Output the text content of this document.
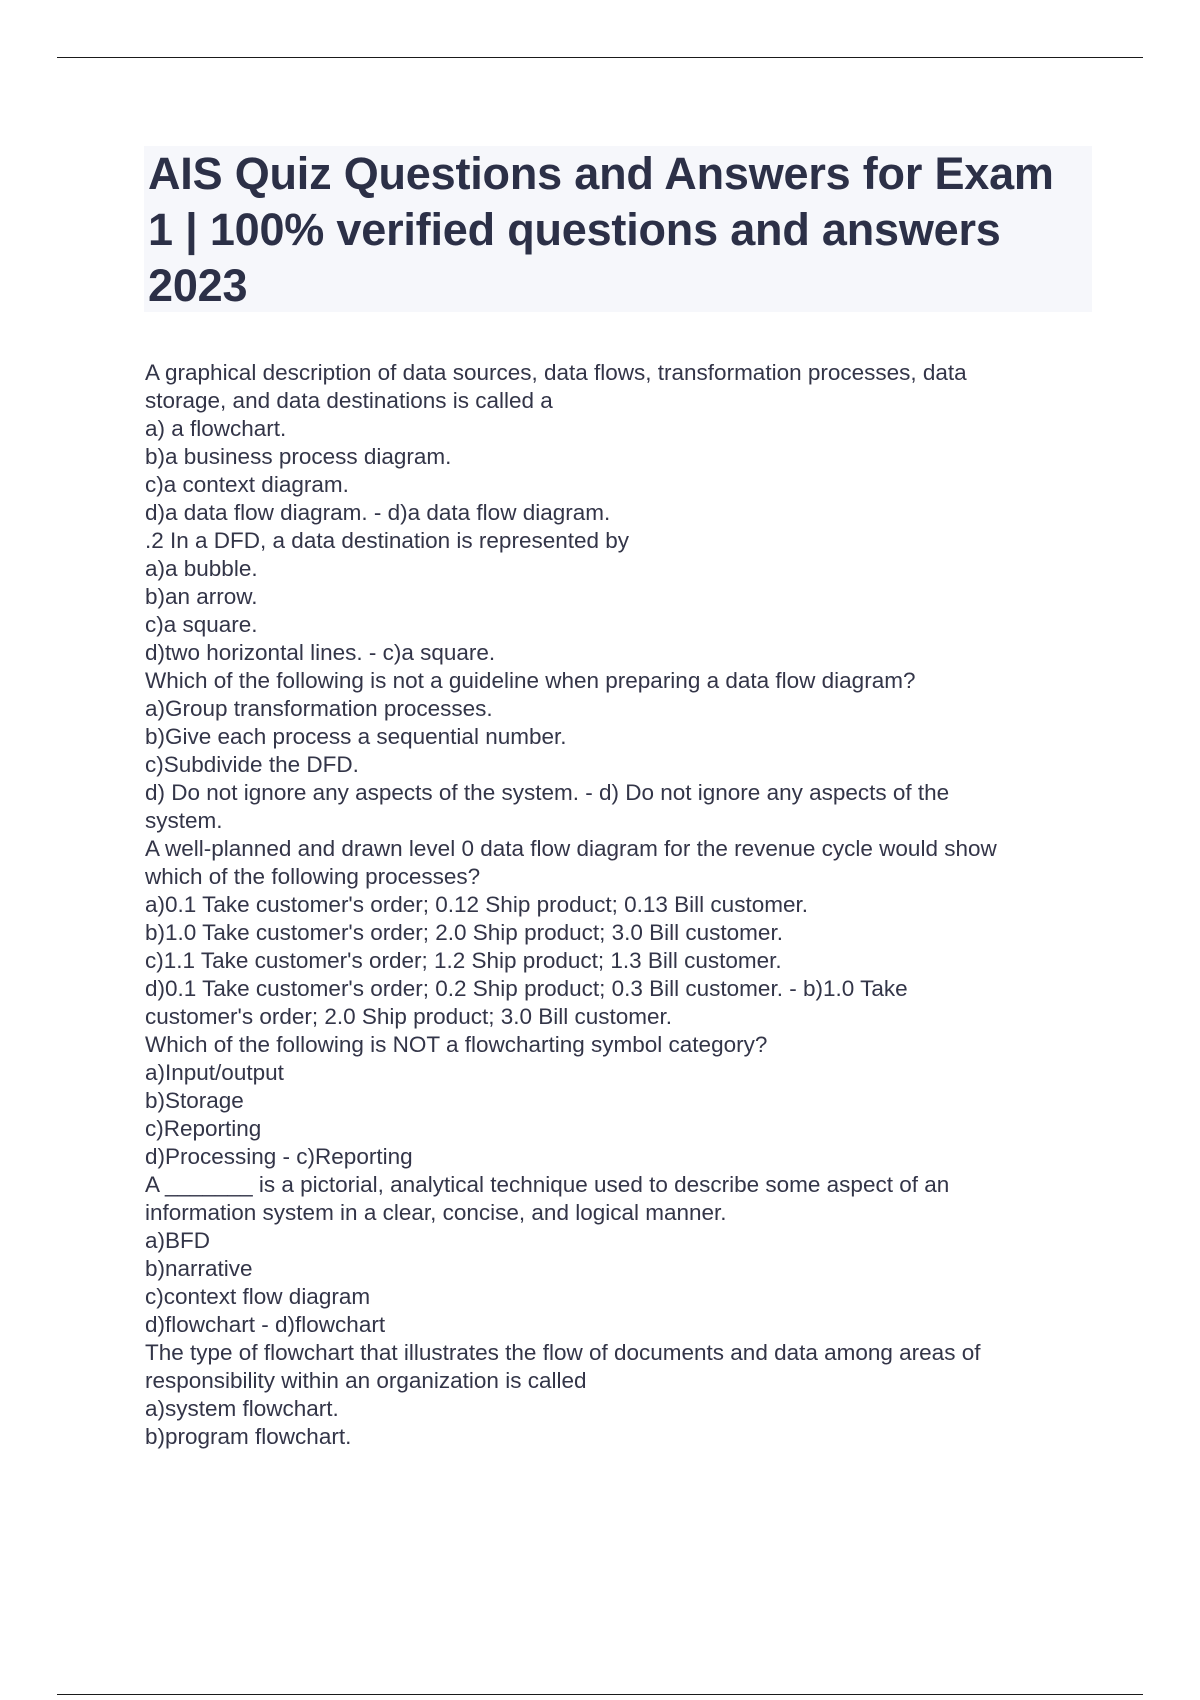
AIS Quiz Questions and Answers for Exam 1 | 100% verified questions and answers 2023
A graphical description of data sources, data flows, transformation processes, data
storage, and data destinations is called a
a) a flowchart.
b)a business process diagram.
c)a context diagram.
d)a data flow diagram. - d)a data flow diagram.
.2 In a DFD, a data destination is represented by
a)a bubble.
b)an arrow.
c)a square.
d)two horizontal lines. - c)a square.
Which of the following is not a guideline when preparing a data flow diagram?
a)Group transformation processes.
b)Give each process a sequential number.
c)Subdivide the DFD.
d) Do not ignore any aspects of the system. - d) Do not ignore any aspects of the
system.
A well-planned and drawn level 0 data flow diagram for the revenue cycle would show
which of the following processes?
a)0.1 Take customer's order; 0.12 Ship product; 0.13 Bill customer.
b)1.0 Take customer's order; 2.0 Ship product; 3.0 Bill customer.
c)1.1 Take customer's order; 1.2 Ship product; 1.3 Bill customer.
d)0.1 Take customer's order; 0.2 Ship product; 0.3 Bill customer. - b)1.0 Take
customer's order; 2.0 Ship product; 3.0 Bill customer.
Which of the following is NOT a flowcharting symbol category?
a)Input/output
b)Storage
c)Reporting
d)Processing - c)Reporting
A _______ is a pictorial, analytical technique used to describe some aspect of an
information system in a clear, concise, and logical manner.
a)BFD
b)narrative
c)context flow diagram
d)flowchart - d)flowchart
The type of flowchart that illustrates the flow of documents and data among areas of
responsibility within an organization is called
a)system flowchart.
b)program flowchart.
